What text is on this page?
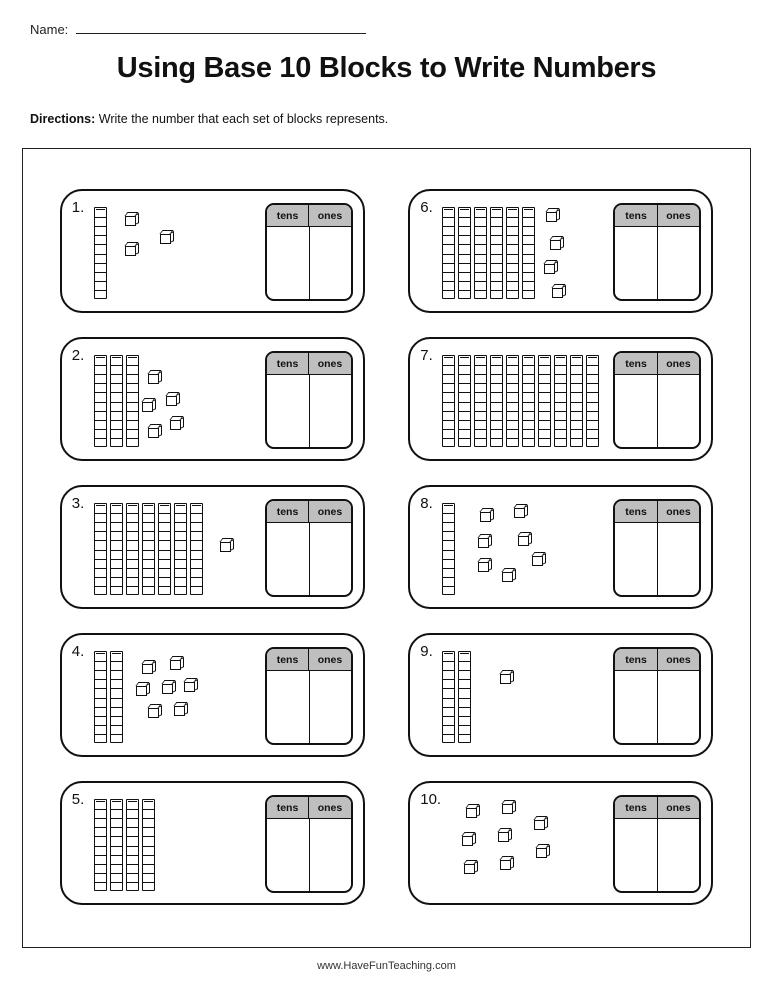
Name:
Using Base 10 Blocks to Write Numbers
Directions: Write the number that each set of blocks represents.
1.	tens	ones	6.	tens	ones
2.	tens	ones	7.	tens	ones
3.	tens	ones	8.	tens	ones
4.	tens	ones	9.	tens	ones
5.	tens	ones	10.	tens	ones
www.HaveFunTeaching.com
